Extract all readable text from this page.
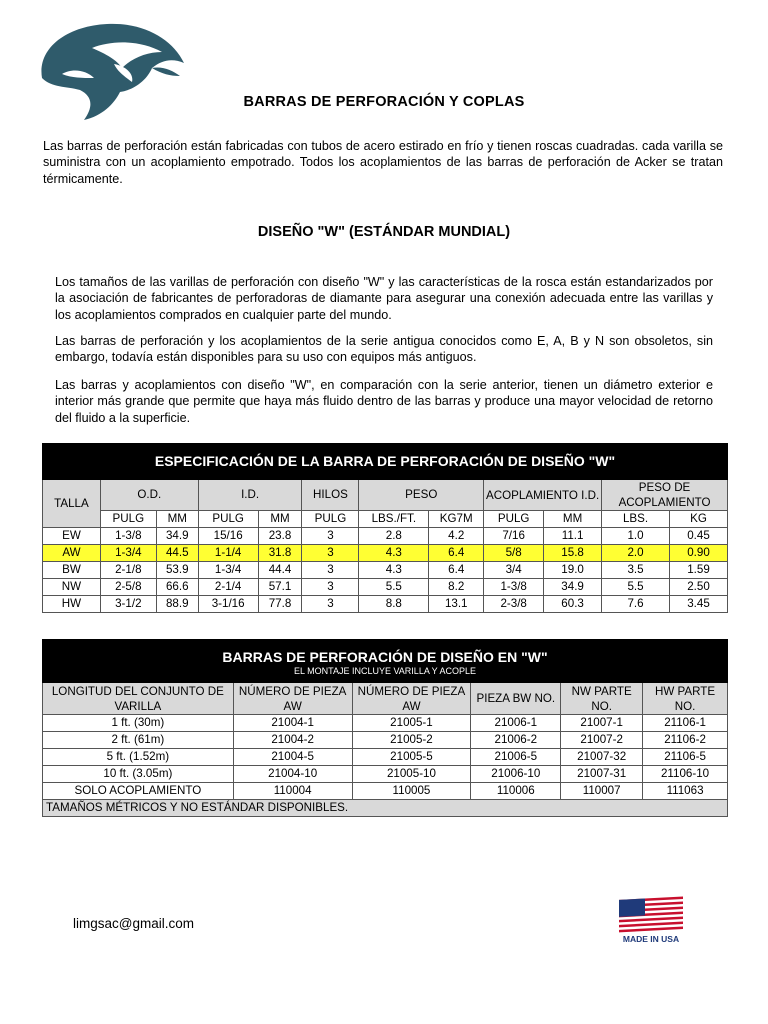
BARRAS DE PERFORACIÓN Y COPLAS
Las barras de perforación están fabricadas con tubos de acero estirado en frío y tienen roscas cuadradas. cada varilla se suministra con un acoplamiento empotrado. Todos los acoplamientos de las barras de perforación de Acker se tratan térmicamente.
DISEÑO "W" (ESTÁNDAR MUNDIAL)
Los tamaños de las varillas de perforación con diseño "W" y las características de la rosca están estandarizados por la asociación de fabricantes de perforadoras de diamante para asegurar una conexión adecuada entre las varillas y los acoplamientos comprados en cualquier parte del mundo.
Las barras de perforación y los acoplamientos de la serie antigua conocidos como E, A, B y N son obsoletos, sin embargo, todavía están disponibles para su uso con equipos más antiguos.
Las barras y acoplamientos con diseño "W", en comparación con la serie anterior, tienen un diámetro exterior e interior más grande que permite que haya más fluido dentro de las barras y produce una mayor velocidad de retorno del fluido a la superficie.
ESPECIFICACIÓN DE LA BARRA DE PERFORACIÓN DE DISEÑO "W"											
TALLA	O.D.		I.D.		HILOS	PESO		ACOPLAMIENTO I.D.		PESO DE ACOPLAMIENTO	
	PULG	MM	PULG	MM	PULG	LBS./FT.	KG7M	PULG	MM	LBS.	KG
EW	1-3/8	34.9	15/16	23.8	3	2.8	4.2	7/16	11.1	1.0	0.45
AW	1-3/4	44.5	1-1/4	31.8	3	4.3	6.4	5/8	15.8	2.0	0.90
BW	2-1/8	53.9	1-3/4	44.4	3	4.3	6.4	3/4	19.0	3.5	1.59
NW	2-5/8	66.6	2-1/4	57.1	3	5.5	8.2	1-3/8	34.9	5.5	2.50
HW	3-1/2	88.9	3-1/16	77.8	3	8.8	13.1	2-3/8	60.3	7.6	3.45
BARRAS DE PERFORACIÓN DE DISEÑO EN "W"
EL MONTAJE INCLUYE VARILLA Y ACOPLE					

LONGITUD DEL CONJUNTO DE VARILLA	NÚMERO DE PIEZA AW	NÚMERO DE PIEZA AW	PIEZA BW NO.	NW PARTE NO.	HW PARTE NO.
1 ft. (30m)	21004-1	21005-1	21006-1	21007-1	21106-1
2 ft. (61m)	21004-2	21005-2	21006-2	21007-2	21106-2
5 ft. (1.52m)	21004-5	21005-5	21006-5	21007-32	21106-5
10 ft. (3.05m)	21004-10	21005-10	21006-10	21007-31	21106-10
SOLO ACOPLAMIENTO	110004	110005	110006	110007	111063
TAMAÑOS MÉTRICOS Y NO ESTÁNDAR DISPONIBLES.					
limgsac@gmail.com
MADE IN USA
